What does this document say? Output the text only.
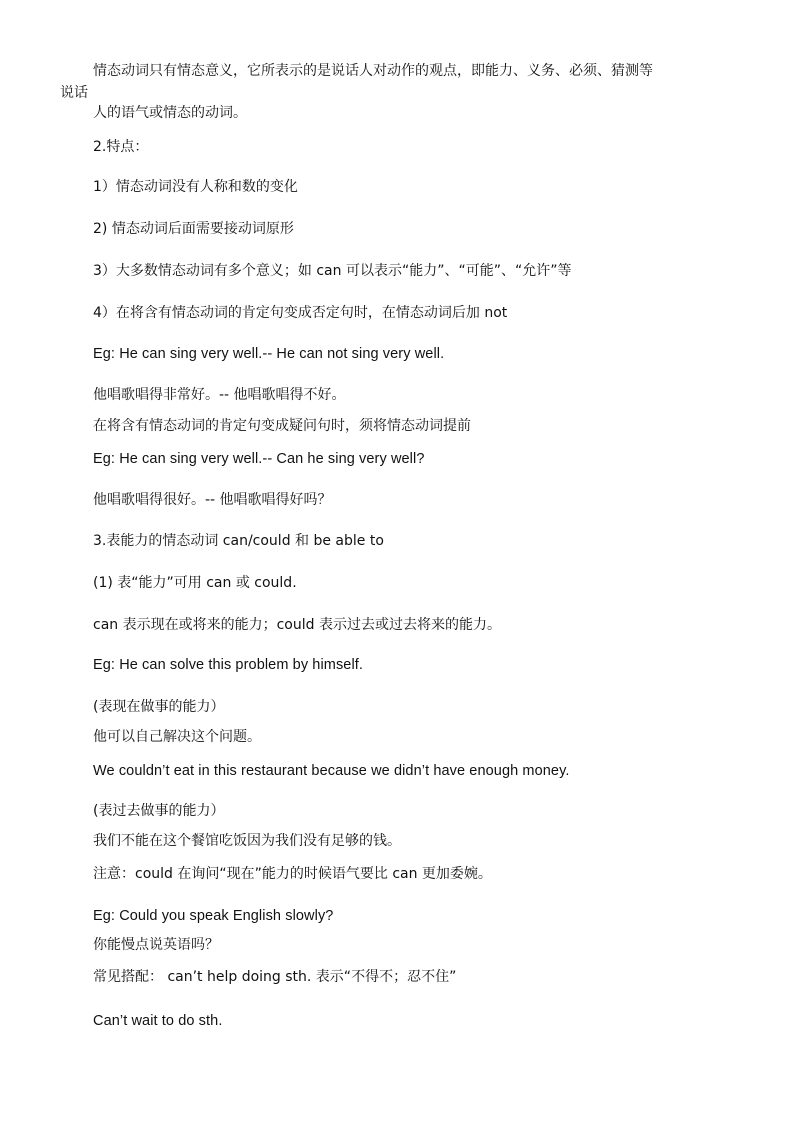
情态动词只有情态意义，它所表示的是说话人对动作的观点，即能力、义务、必须、猜测等
说话
人的语气或情态的动词。
2.特点：
1）情态动词没有人称和数的变化
2) 情态动词后面需要接动词原形
3）大多数情态动词有多个意义；如 can 可以表示“能力”、“可能”、“允许”等
4）在将含有情态动词的肯定句变成否定句时，在情态动词后加 not
Eg: He can sing very well.-- He can not sing very well.
他唱歌唱得非常好。-- 他唱歌唱得不好。
在将含有情态动词的肯定句变成疑问句时，须将情态动词提前
Eg: He can sing very well.-- Can he sing very well?
他唱歌唱得很好。-- 他唱歌唱得好吗？
3.表能力的情态动词 can/could 和 be able to
(1) 表“能力”可用 can 或 could.
can 表示现在或将来的能力；could 表示过去或过去将来的能力。
Eg: He can solve this problem by himself.
(表现在做事的能力）
他可以自己解决这个问题。
We couldn’t eat in this restaurant because we didn’t have enough money.
(表过去做事的能力）
我们不能在这个餐馆吃饭因为我们没有足够的钱。
注意：could 在询问“现在”能力的时候语气要比 can 更加委婉。
Eg: Could you speak English slowly?
你能慢点说英语吗？
常见搭配： can’t help doing sth. 表示“不得不；忍不住”
Can’t wait to do sth.
